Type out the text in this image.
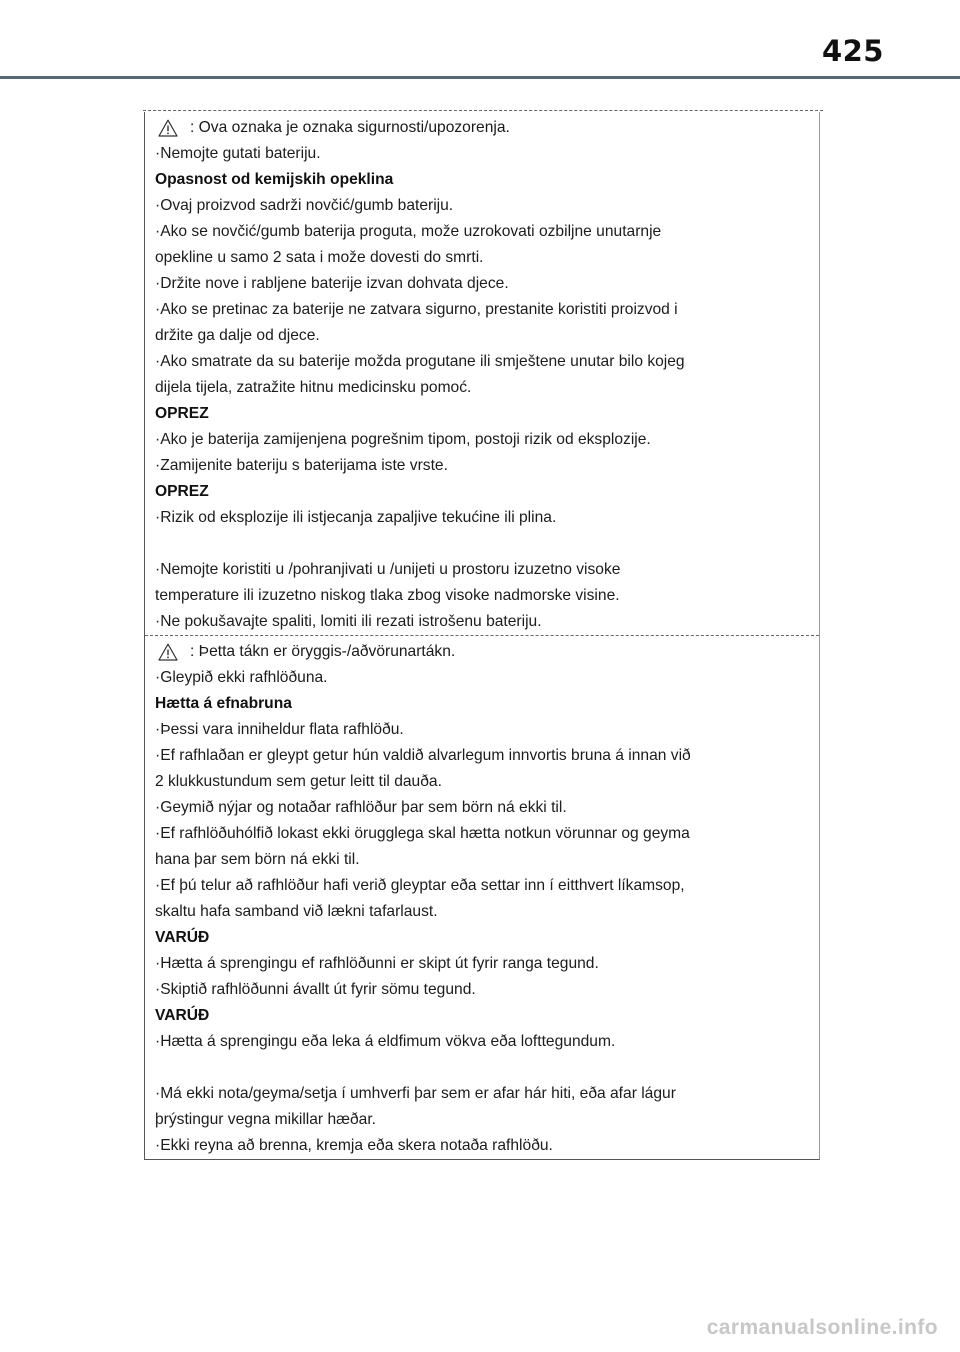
425
: Ova oznaka je oznaka sigurnosti/upozorenja.
·Nemojte gutati bateriju.
Opasnost od kemijskih opeklina
·Ovaj proizvod sadrži novčić/gumb bateriju.
·Ako se novčić/gumb baterija proguta, može uzrokovati ozbiljne unutarnje
opekline u samo 2 sata i može dovesti do smrti.
·Držite nove i rabljene baterije izvan dohvata djece.
·Ako se pretinac za baterije ne zatvara sigurno, prestanite koristiti proizvod i
držite ga dalje od djece.
·Ako smatrate da su baterije možda progutane ili smještene unutar bilo kojeg
dijela tijela, zatražite hitnu medicinsku pomoć.
OPREZ
·Ako je baterija zamijenjena pogrešnim tipom, postoji rizik od eksplozije.
·Zamijenite bateriju s baterijama iste vrste.
OPREZ
·Rizik od eksplozije ili istjecanja zapaljive tekućine ili plina.
·Nemojte koristiti u /pohranjivati u /unijeti u prostoru izuzetno visoke
temperature ili izuzetno niskog tlaka zbog visoke nadmorske visine.
·Ne pokušavajte spaliti, lomiti ili rezati istrošenu bateriju.
: Þetta tákn er öryggis-/aðvörunartákn.
·Gleypið ekki rafhlöðuna.
Hætta á efnabruna
·Þessi vara inniheldur flata rafhlöðu.
·Ef rafhlaðan er gleypt getur hún valdið alvarlegum innvortis bruna á innan við
2 klukkustundum sem getur leitt til dauða.
·Geymið nýjar og notaðar rafhlöður þar sem börn ná ekki til.
·Ef rafhlöðuhólfið lokast ekki örugglega skal hætta notkun vörunnar og geyma
hana þar sem börn ná ekki til.
·Ef þú telur að rafhlöður hafi verið gleyptar eða settar inn í eitthvert líkamsop,
skaltu hafa samband við lækni tafarlaust.
VARÚÐ
·Hætta á sprengingu ef rafhlöðunni er skipt út fyrir ranga tegund.
·Skiptið rafhlöðunni ávallt út fyrir sömu tegund.
VARÚÐ
·Hætta á sprengingu eða leka á eldfimum vökva eða lofttegundum.
·Má ekki nota/geyma/setja í umhverfi þar sem er afar hár hiti, eða afar lágur
þrýstingur vegna mikillar hæðar.
·Ekki reyna að brenna, kremja eða skera notaða rafhlöðu.
carmanualsonline.info
